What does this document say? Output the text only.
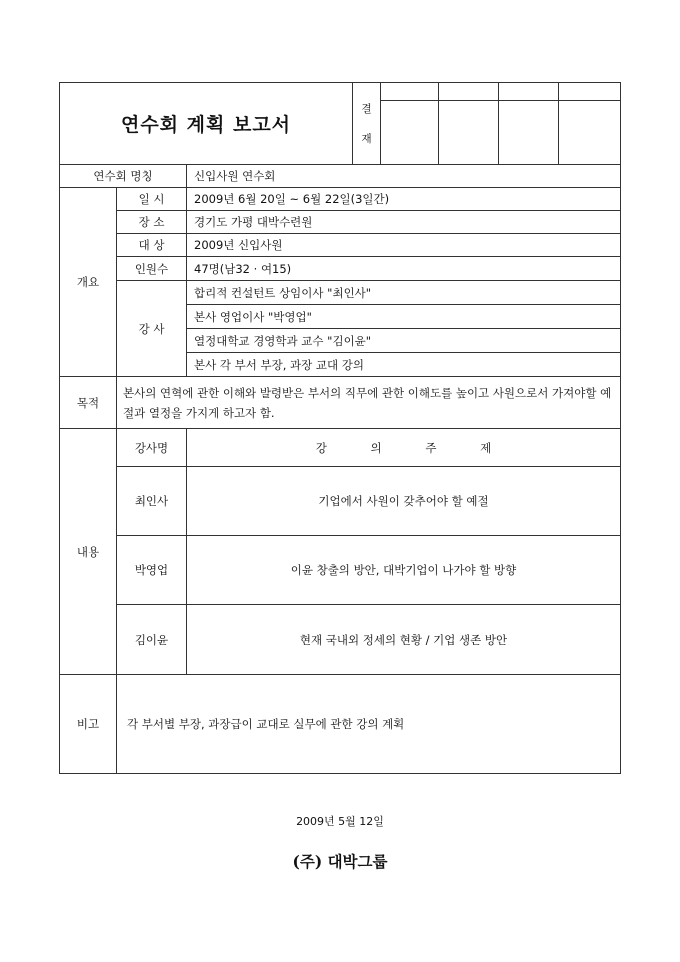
연수회 계획 보고서			결
재				

연수회 명칭		신입사원 연수회					
개요	일 시	2009년 6월 20일 ~ 6월 22일(3일간)					
	장 소	경기도 가평 대박수련원					
	대 상	2009년 신입사원					
	인원수	47명(남32 · 여15)					
	강 사	합리적 컨설턴트 상임이사 "최인사"					
		본사 영업이사 "박영업"					
		열정대학교 경영학과 교수 "김이윤"					
		본사 각 부서 부장, 과장 교대 강의					
목적	본사의 연혁에 관한 이해와 발령받은 부서의 직무에 관한 이해도를 높이고 사원으로서 가져야할 예절과 열정을 가지게 하고자 함.						
내용	강사명	강 의 주 제					
	최인사	기업에서 사원이 갖추어야 할 예절					
	박영업	이윤 창출의 방안, 대박기업이 나가야 할 방향					
	김이윤	현재 국내외 정세의 현황 / 기업 생존 방안					
비고	각 부서별 부장, 과장급이 교대로 실무에 관한 강의 계획						
2009년 5월 12일
(주) 대박그룹
